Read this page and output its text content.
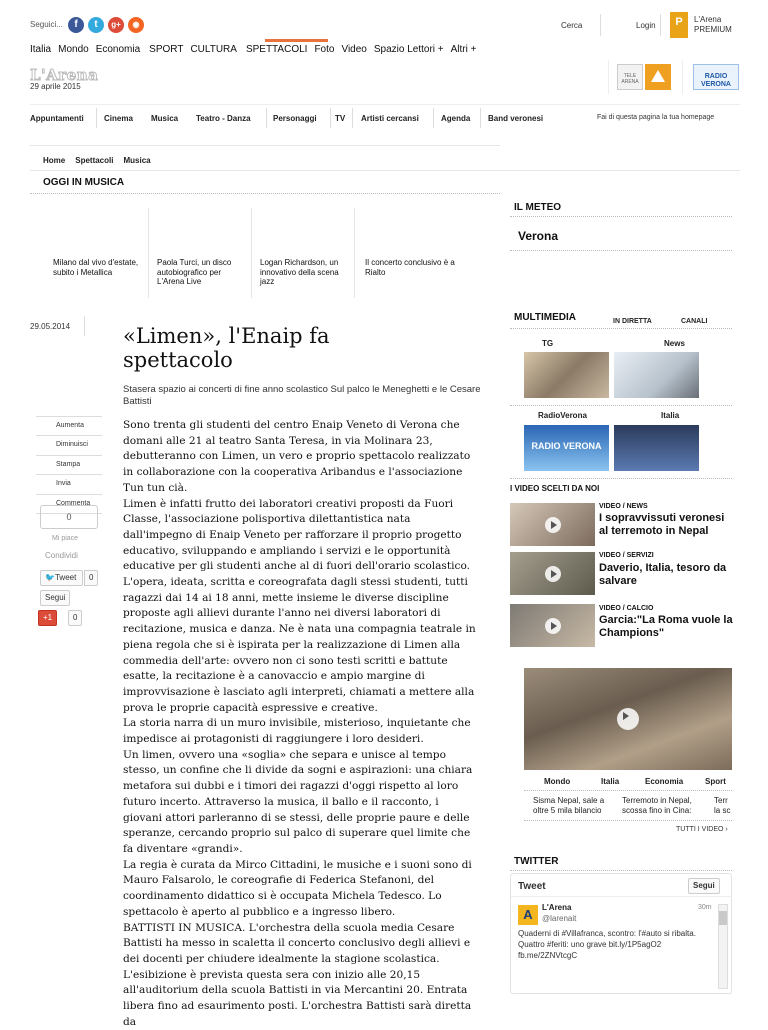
Seguici...	f	t	g+	◉	Cerca	Login	P	L'Arena
PREMIUM
Italia Mondo Economia SPORT CULTURA SPETTACOLI Foto Video Spazio Lettori + Altri +
L'Arena
29 aprile 2015
TELE ARENA
RADIO VERONA
Appuntamenti	Cinema Musica Teatro - Danza	Personaggi TV Artisti cercansi	Agenda Band veronesi	Fai di questa pagina la tua homepage
Home Spettacoli Musica
OGGI IN MUSICA
Milano dal vivo d'estate, subito i Metallica
Paola Turci, un disco autobiografico per L'Arena Live
Logan Richardson, un innovativo della scena jazz
Il concerto conclusivo è a Rialto
29.05.2014	«Limen», l'Enaip fa spettacolo
Stasera spazio ai concerti di fine anno scolastico Sul palco le Meneghetti e le Cesare Battisti
Aumenta
Diminuisci
Stampa
Invia
Commenta
0
Mi piace
Condividi
🐦Tweet	0
Segui
+1	0

Sono trenta gli studenti del centro Enaip Veneto di Verona che domani alle 21 al teatro Santa Teresa, in via Molinara 23, debutteranno con Limen, un vero e proprio spettacolo realizzato in collaborazione con la cooperativa Aribandus e l'associazione Tun tun cià.

Limen è infatti frutto dei laboratori creativi proposti da Fuori Classe, l'associazione polisportiva dilettantistica nata dall'impegno di Enaip Veneto per rafforzare il proprio progetto educativo, sviluppando e ampliando i servizi e le opportunità educative per gli studenti anche al di fuori dell'orario scolastico.

L'opera, ideata, scritta e coreografata dagli stessi studenti, tutti ragazzi dai 14 ai 18 anni, mette insieme le diverse discipline proposte agli allievi durante l'anno nei diversi laboratori di recitazione, musica e danza. Ne è nata una compagnia teatrale in piena regola che si è ispirata per la realizzazione di Limen alla commedia dell'arte: ovvero non ci sono testi scritti e battute esatte, la recitazione è a canovaccio e ampio margine di improvvisazione è lasciato agli interpreti, chiamati a mettere alla prova le proprie capacità espressive e creative.

La storia narra di un muro invisibile, misterioso, inquietante che impedisce ai protagonisti di raggiungere i loro desideri.

Un limen, ovvero una «soglia» che separa e unisce al tempo stesso, un confine che li divide da sogni e aspirazioni: una chiara metafora sui dubbi e i timori dei ragazzi d'oggi rispetto al loro futuro incerto. Attraverso la musica, il ballo e il racconto, i giovani attori parleranno di se stessi, delle proprie paure e delle speranze, cercando proprio sul palco di superare quel limite che fa diventare «grandi».

La regia è curata da Mirco Cittadini, le musiche e i suoni sono di Mauro Falsarolo, le coreografie di Federica Stefanoni, del coordinamento didattico si è occupata Michela Tedesco. Lo spettacolo è aperto al pubblico e a ingresso libero.

BATTISTI IN MUSICA. L'orchestra della scuola media Cesare Battisti ha messo in scaletta il concerto conclusivo degli allievi e dei docenti per chiudere idealmente la stagione scolastica.

L'esibizione è prevista questa sera con inizio alle 20,15 all'auditorium della scuola Battisti in via Mercantini 20. Entrata libera fino ad esaurimento posti. L'orchestra Battisti sarà diretta da

IL METEO
Verona
MULTIMEDIA	IN DIRETTA	CANALI
TG	News
RadioVerona	Italia
RADIO VERONA
I VIDEO SCELTI DA NOI
VIDEO / NEWS
I sopravvissuti veronesi al terremoto in Nepal
VIDEO / SERVIZI
Daverio, Italia, tesoro da salvare
VIDEO / CALCIO
Garcia:"La Roma vuole la Champions"
Mondo	Italia	Economia	Sport
Sisma Nepal, sale a oltre 5 mila bilancio
Terremoto in Nepal, scossa fino in Cina:
Terr la sc
TUTTI I VIDEO ›
TWITTER
Tweet	Segui
A	L'Arena
@larenait
30m
Quaderni di #Villafranca, scontro: l'#auto si ribalta. Quattro #feriti: uno grave bit.ly/1P5agO2 fb.me/2ZNVtcgC
